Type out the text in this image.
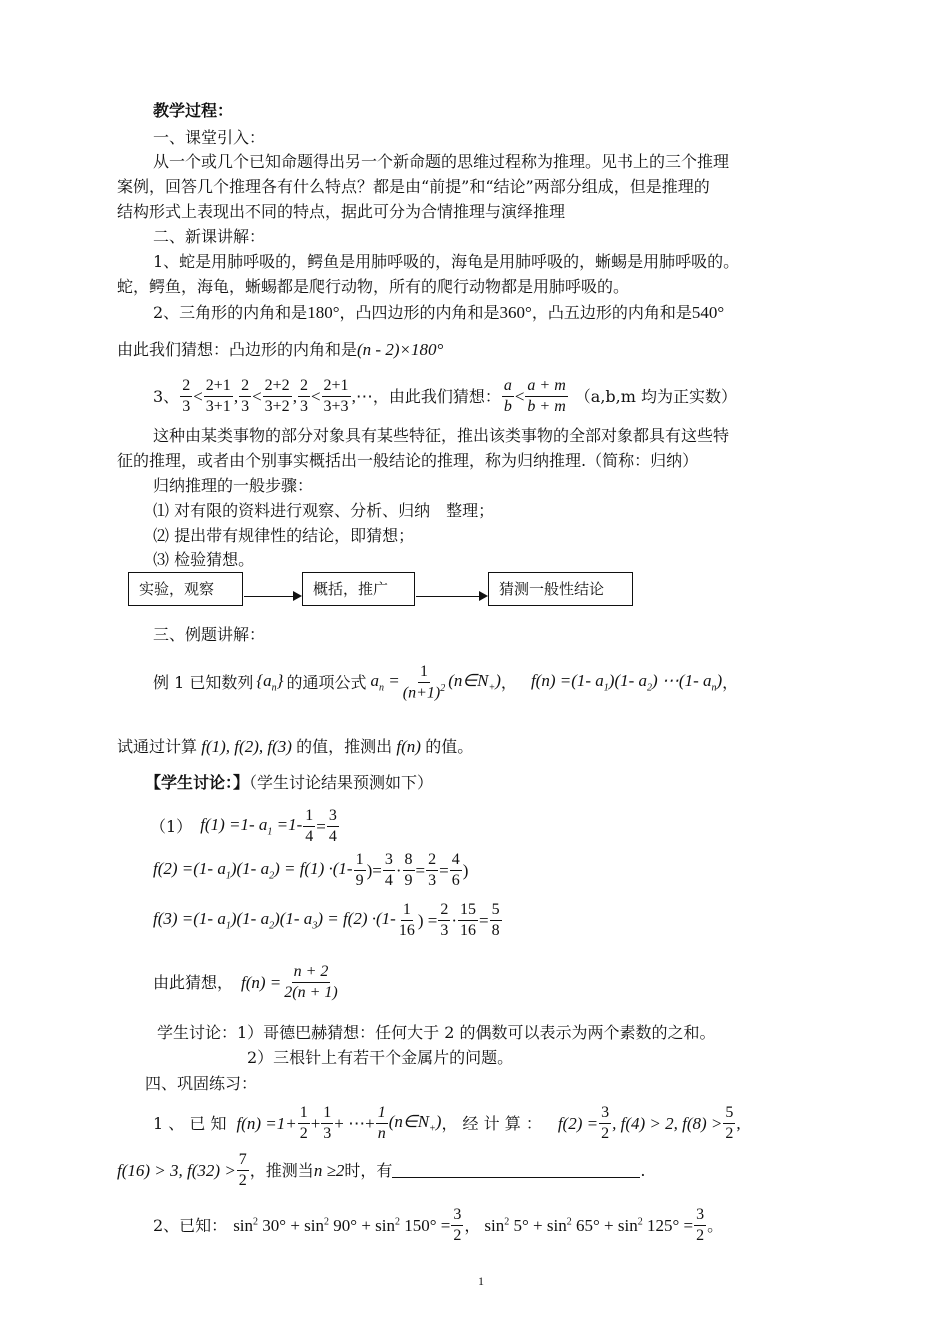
教学过程：
一、课堂引入：
从一个或几个已知命题得出另一个新命题的思维过程称为推理。见书上的三个推理
案例，回答几个推理各有什么特点？都是由“前提”和“结论”两部分组成，但是推理的
结构形式上表现出不同的特点，据此可分为合情推理与演绎推理
二、新课讲解：
1、蛇是用肺呼吸的，鳄鱼是用肺呼吸的，海龟是用肺呼吸的，蜥蜴是用肺呼吸的。
蛇，鳄鱼，海龟，蜥蜴都是爬行动物，所有的爬行动物都是用肺呼吸的。
2、三角形的内角和是180°，凸四边形的内角和是360°，凸五边形的内角和是540°
由此我们猜想：凸边形的内角和是(n - 2)×180°
3、 $\frac{2}{3} < \frac{2+1}{3+1}$ , $\frac{2}{3} < \frac{2+2}{3+2}$ , $\frac{2}{3} < \frac{2+1}{3+3}$ ,⋯ ，由此我们猜想： $\frac{a}{b} < \frac{a + m}{b + m} (a,b,m$ 均为正实数）
这种由某类事物的部分对象具有某些特征，推出该类事物的全部对象都具有这些特
征的推理，或者由个别事实概括出一般结论的推理，称为归纳推理.（简称：归纳）
归纳推理的一般步骤：
⑴ 对有限的资料进行观察、分析、归纳　整理；
⑵ 提出带有规律性的结论，即猜想；
⑶ 检验猜想。
实验，观察	概括，推广	猜测一般性结论
三、例题讲解：
例 1 已知数列 $\{a_n\}$ 的通项公式 $a_n = \frac{1}{(n+1)^2}$ $(n\in N_+)$ ， f(n) =(1- $a_1)(1-$ $a_2$) ⋯(1- $a_n$) ，
试通过计算 f(1), f(2), f(3) 的值，推测出 f(n) 的值。
【学生讨论：】（学生讨论结果预测如下）
（1） f(1) =1- $a_1 =1- \frac{1}{4} = \frac{3}{4}$
f(2) =(1- $a_1)(1-$ $a_2) = f(1) \cdot(1- \frac{1}{9}$ )= $\frac{3}{4} \cdot \frac{8}{9} = \frac{2}{3} = \frac{4}{6}$ )
f(3) =(1- $a_1)(1-$ $a_2)(1-$ $a_3) = f(2) \cdot(1- \frac{1}{16}$ ) = $\frac{2}{3} \cdot \frac{15}{16} = \frac{5}{8}$
由此猜想， $f(n) = \frac{n + 2}{2(n + 1)}$
学生讨论：1）哥德巴赫猜想：任何大于 2 的偶数可以表示为两个素数的之和。
2）三根针上有若干个金属片的问题。
四、巩固练习：
1 、 已 知 $f(n) =1+ \frac{1}{2} + \frac{1}{3}$ + ⋯+ $\frac{1}{n}$ $(n\in N_+)$ ， 经 计 算 ： $f(2) = \frac{3}{2}$ , f(4) > 2, $f(8) > \frac{5}{2}$ ,
f(16) > 3, $f(32) > \frac{7}{2}$ ，推测当 n ≥2 时，有	.
2、已知： $\sin^2 30^\circ + \sin^2 90^\circ + \sin^2 150^\circ = \frac{3}{2}$ ， $\sin^2 5^\circ + \sin^2 65^\circ + \sin^2 125^\circ = \frac{3}{2}$ 。
1
